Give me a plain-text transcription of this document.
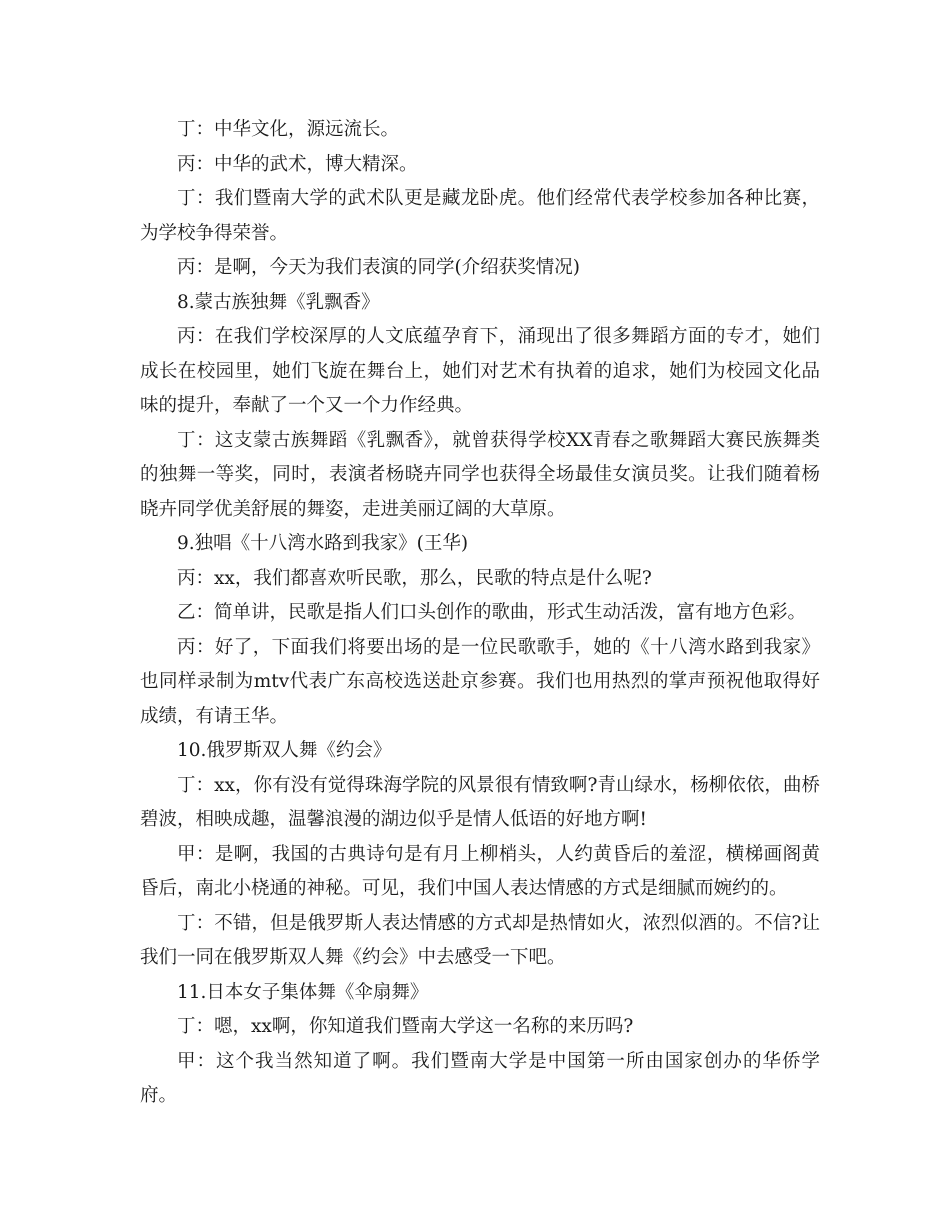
丁：中华文化，源远流长。

丙：中华的武术，博大精深。

丁：我们暨南大学的武术队更是藏龙卧虎。他们经常代表学校参加各种比赛，为学校争得荣誉。

丙：是啊，今天为我们表演的同学(介绍获奖情况)

8.蒙古族独舞《乳飘香》

丙：在我们学校深厚的人文底蕴孕育下，涌现出了很多舞蹈方面的专才，她们成长在校园里，她们飞旋在舞台上，她们对艺术有执着的追求，她们为校园文化品味的提升，奉献了一个又一个力作经典。

丁：这支蒙古族舞蹈《乳飘香》，就曾获得学校XX青春之歌舞蹈大赛民族舞类的独舞一等奖，同时，表演者杨晓卉同学也获得全场最佳女演员奖。让我们随着杨晓卉同学优美舒展的舞姿，走进美丽辽阔的大草原。

9.独唱《十八湾水路到我家》(王华)

丙：xx，我们都喜欢听民歌，那么，民歌的特点是什么呢?

乙：简单讲，民歌是指人们口头创作的歌曲，形式生动活泼，富有地方色彩。

丙：好了，下面我们将要出场的是一位民歌歌手，她的《十八湾水路到我家》也同样录制为mtv代表广东高校选送赴京参赛。我们也用热烈的掌声预祝他取得好成绩，有请王华。

10.俄罗斯双人舞《约会》

丁：xx，你有没有觉得珠海学院的风景很有情致啊?青山绿水，杨柳依依，曲桥碧波，相映成趣，温馨浪漫的湖边似乎是情人低语的好地方啊!

甲：是啊，我国的古典诗句是有月上柳梢头，人约黄昏后的羞涩，横梯画阁黄昏后，南北小桡通的神秘。可见，我们中国人表达情感的方式是细腻而婉约的。

丁：不错，但是俄罗斯人表达情感的方式却是热情如火，浓烈似酒的。不信?让我们一同在俄罗斯双人舞《约会》中去感受一下吧。

11.日本女子集体舞《伞扇舞》

丁：嗯，xx啊，你知道我们暨南大学这一名称的来历吗?

甲：这个我当然知道了啊。我们暨南大学是中国第一所由国家创办的华侨学府。
